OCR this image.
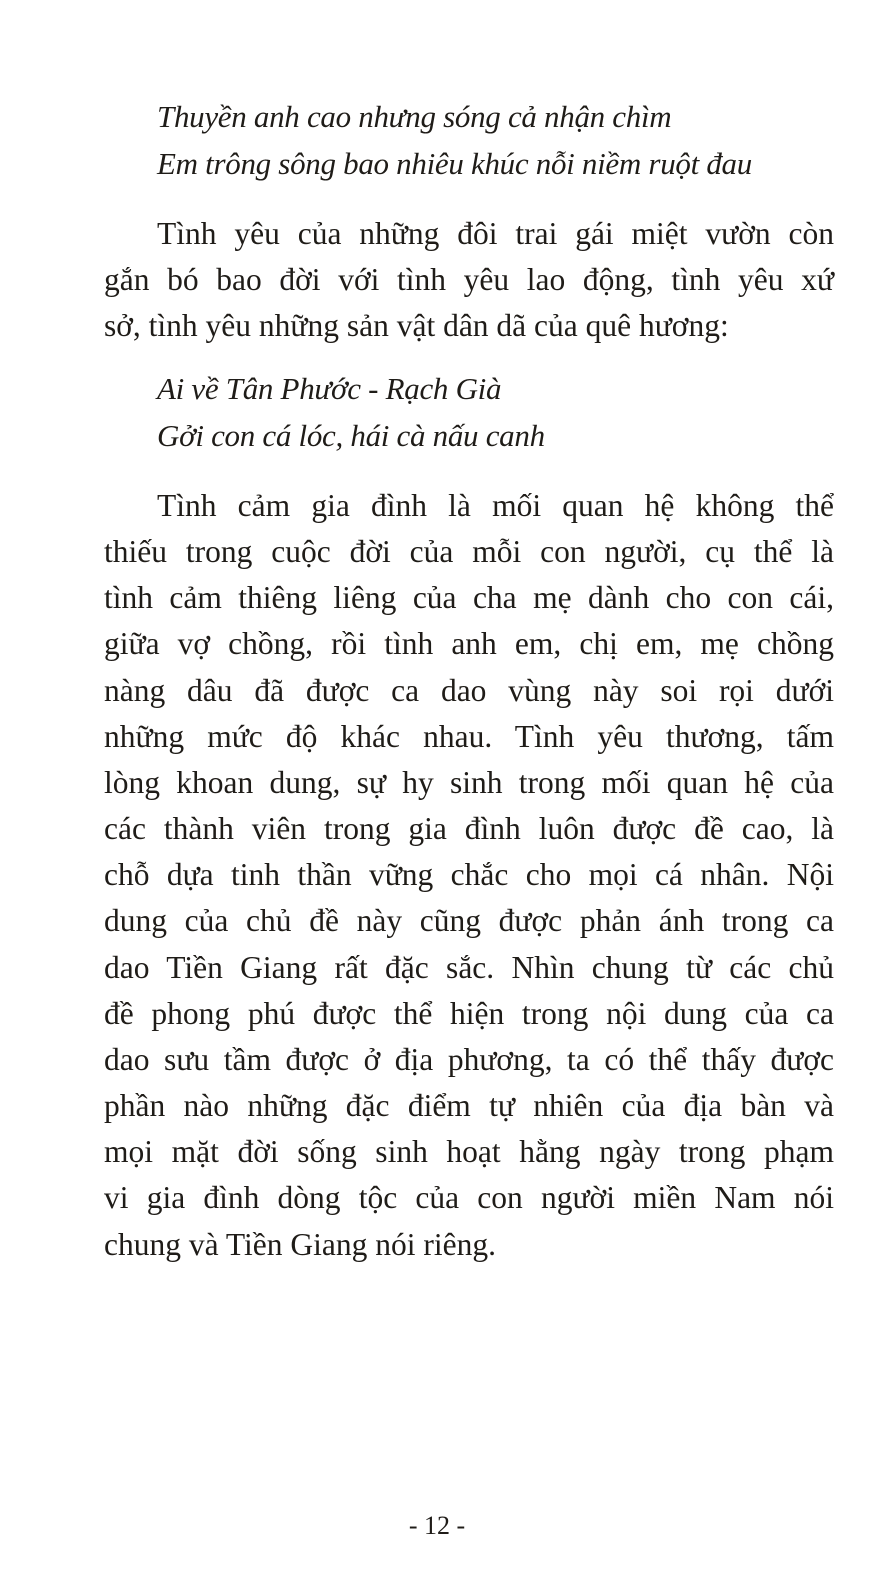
Thuyền anh cao nhưng sóng cả nhận chìm
Em trông sông bao nhiêu khúc nỗi niềm ruột đau
Tình yêu của những đôi trai gái miệt vườn còn
gắn bó bao đời với tình yêu lao động, tình yêu xứ
sở, tình yêu những sản vật dân dã của quê hương:
Ai về Tân Phước - Rạch Già
Gởi con cá lóc, hái cà nấu canh
Tình cảm gia đình là mối quan hệ không thể
thiếu trong cuộc đời của mỗi con người, cụ thể là
tình cảm thiêng liêng của cha mẹ dành cho con cái,
giữa vợ chồng, rồi tình anh em, chị em, mẹ chồng
nàng dâu đã được ca dao vùng này soi rọi dưới
những mức độ khác nhau. Tình yêu thương, tấm
lòng khoan dung, sự hy sinh trong mối quan hệ của
các thành viên trong gia đình luôn được đề cao, là
chỗ dựa tinh thần vững chắc cho mọi cá nhân. Nội
dung của chủ đề này cũng được phản ánh trong ca
dao Tiền Giang rất đặc sắc. Nhìn chung từ các chủ
đề phong phú được thể hiện trong nội dung của ca
dao sưu tầm được ở địa phương, ta có thể thấy được
phần nào những đặc điểm tự nhiên của địa bàn và
mọi mặt đời sống sinh hoạt hằng ngày trong phạm
vi gia đình dòng tộc của con người miền Nam nói
chung và Tiền Giang nói riêng.
- 12 -
